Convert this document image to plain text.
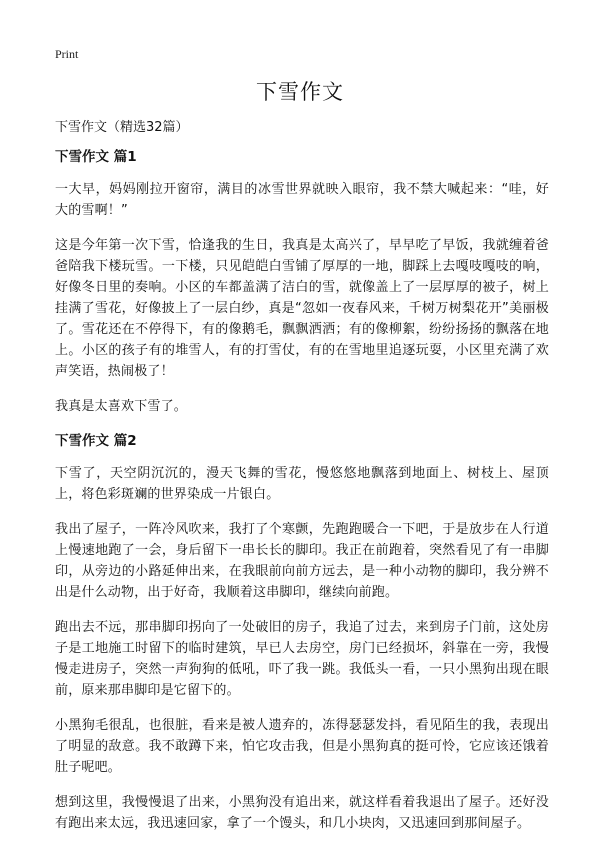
Print
下雪作文

下雪作文（精选32篇）

下雪作文 篇1

一大早，妈妈刚拉开窗帘，满目的冰雪世界就映入眼帘，我不禁大喊起来：“哇，好大的雪啊！”

这是今年第一次下雪，恰逢我的生日，我真是太高兴了，早早吃了早饭，我就缠着爸爸陪我下楼玩雪。一下楼，只见皑皑白雪铺了厚厚的一地，脚踩上去嘎吱嘎吱的响，好像冬日里的奏响。小区的车都盖满了洁白的雪，就像盖上了一层厚厚的被子，树上挂满了雪花，好像披上了一层白纱，真是“忽如一夜春风来，千树万树梨花开”美丽极了。雪花还在不停得下，有的像鹅毛，飘飘洒洒；有的像柳絮，纷纷扬扬的飘落在地上。小区的孩子有的堆雪人，有的打雪仗，有的在雪地里追逐玩耍，小区里充满了欢声笑语，热闹极了！

我真是太喜欢下雪了。

下雪作文 篇2

下雪了，天空阴沉沉的，漫天飞舞的雪花，慢悠悠地飘落到地面上、树枝上、屋顶上，将色彩斑斓的世界染成一片银白。

我出了屋子，一阵冷风吹来，我打了个寒颤，先跑跑暖合一下吧，于是放步在人行道上慢速地跑了一会，身后留下一串长长的脚印。我正在前跑着，突然看见了有一串脚印，从旁边的小路延伸出来，在我眼前向前方远去，是一种小动物的脚印，我分辨不出是什么动物，出于好奇，我顺着这串脚印，继续向前跑。

跑出去不远，那串脚印拐向了一处破旧的房子，我追了过去，来到房子门前，这处房子是工地施工时留下的临时建筑，早已人去房空，房门已经损坏，斜靠在一旁，我慢慢走进房子，突然一声狗狗的低吼，吓了我一跳。我低头一看，一只小黑狗出现在眼前，原来那串脚印是它留下的。

小黑狗毛很乱，也很脏，看来是被人遗弃的，冻得瑟瑟发抖，看见陌生的我，表现出了明显的敌意。我不敢蹲下来，怕它攻击我，但是小黑狗真的挺可怜，它应该还饿着肚子呢吧。

想到这里，我慢慢退了出来，小黑狗没有追出来，就这样看着我退出了屋子。还好没有跑出来太远，我迅速回家，拿了一个馒头，和几小块肉，又迅速回到那间屋子。
